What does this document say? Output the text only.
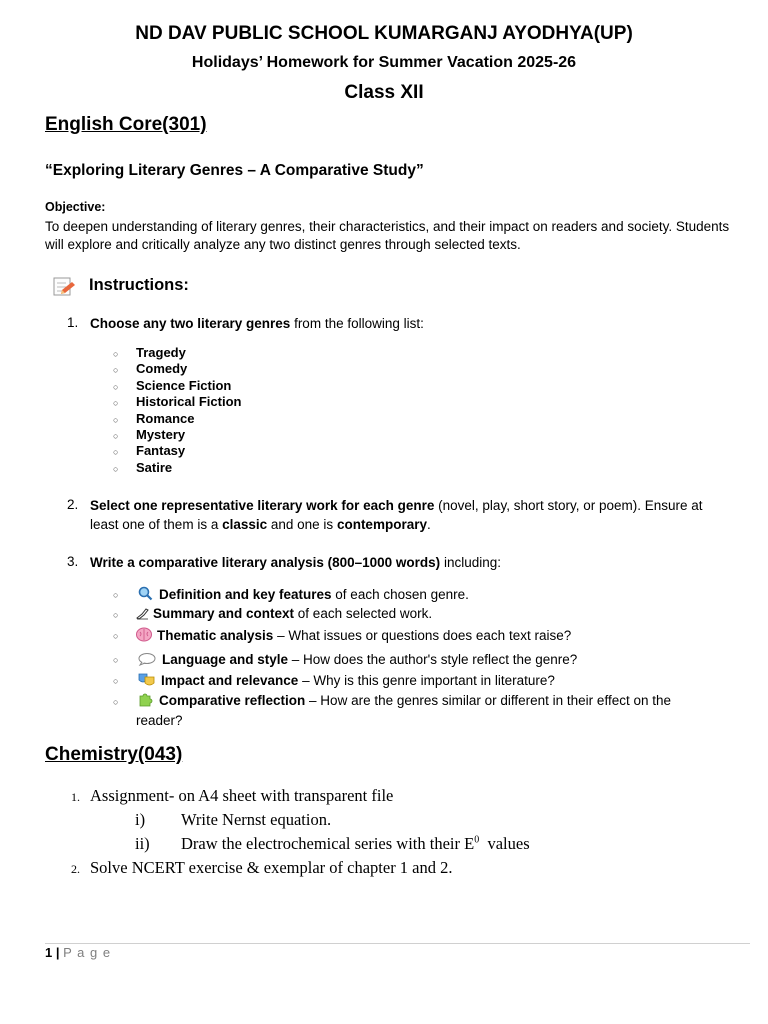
ND DAV PUBLIC SCHOOL KUMARGANJ AYODHYA(UP)
Holidays’ Homework for Summer Vacation 2025-26
Class XII
English Core(301)
“Exploring Literary Genres – A Comparative Study”
Objective:
To deepen understanding of literary genres, their characteristics, and their impact on readers and society. Students
will explore and critically analyze any two distinct genres through selected texts.
Instructions:
1. Choose any two literary genres from the following list:
○ Tragedy
○ Comedy
○ Science Fiction
○ Historical Fiction
○ Romance
○ Mystery
○ Fantasy
○ Satire
2. Select one representative literary work for each genre (novel, play, short story, or poem). Ensure at
least one of them is a classic and one is contemporary.
3. Write a comparative literary analysis (800–1000 words) including:
○	Definition and key features of each chosen genre.
○	Summary and context of each selected work.
○	Thematic analysis – What issues or questions does each text raise?
○	Language and style – How does the author's style reflect the genre?
○	Impact and relevance – Why is this genre important in literature?
○	Comparative reflection – How are the genres similar or different in their effect on the
reader?
Chemistry(043)
1. Assignment- on A4 sheet with transparent file
i) Write Nernst equation.
ii) Draw the electrochemical series with their $E^0$  values
2. Solve NCERT exercise & exemplar of chapter 1 and 2.
1 | P a g e
